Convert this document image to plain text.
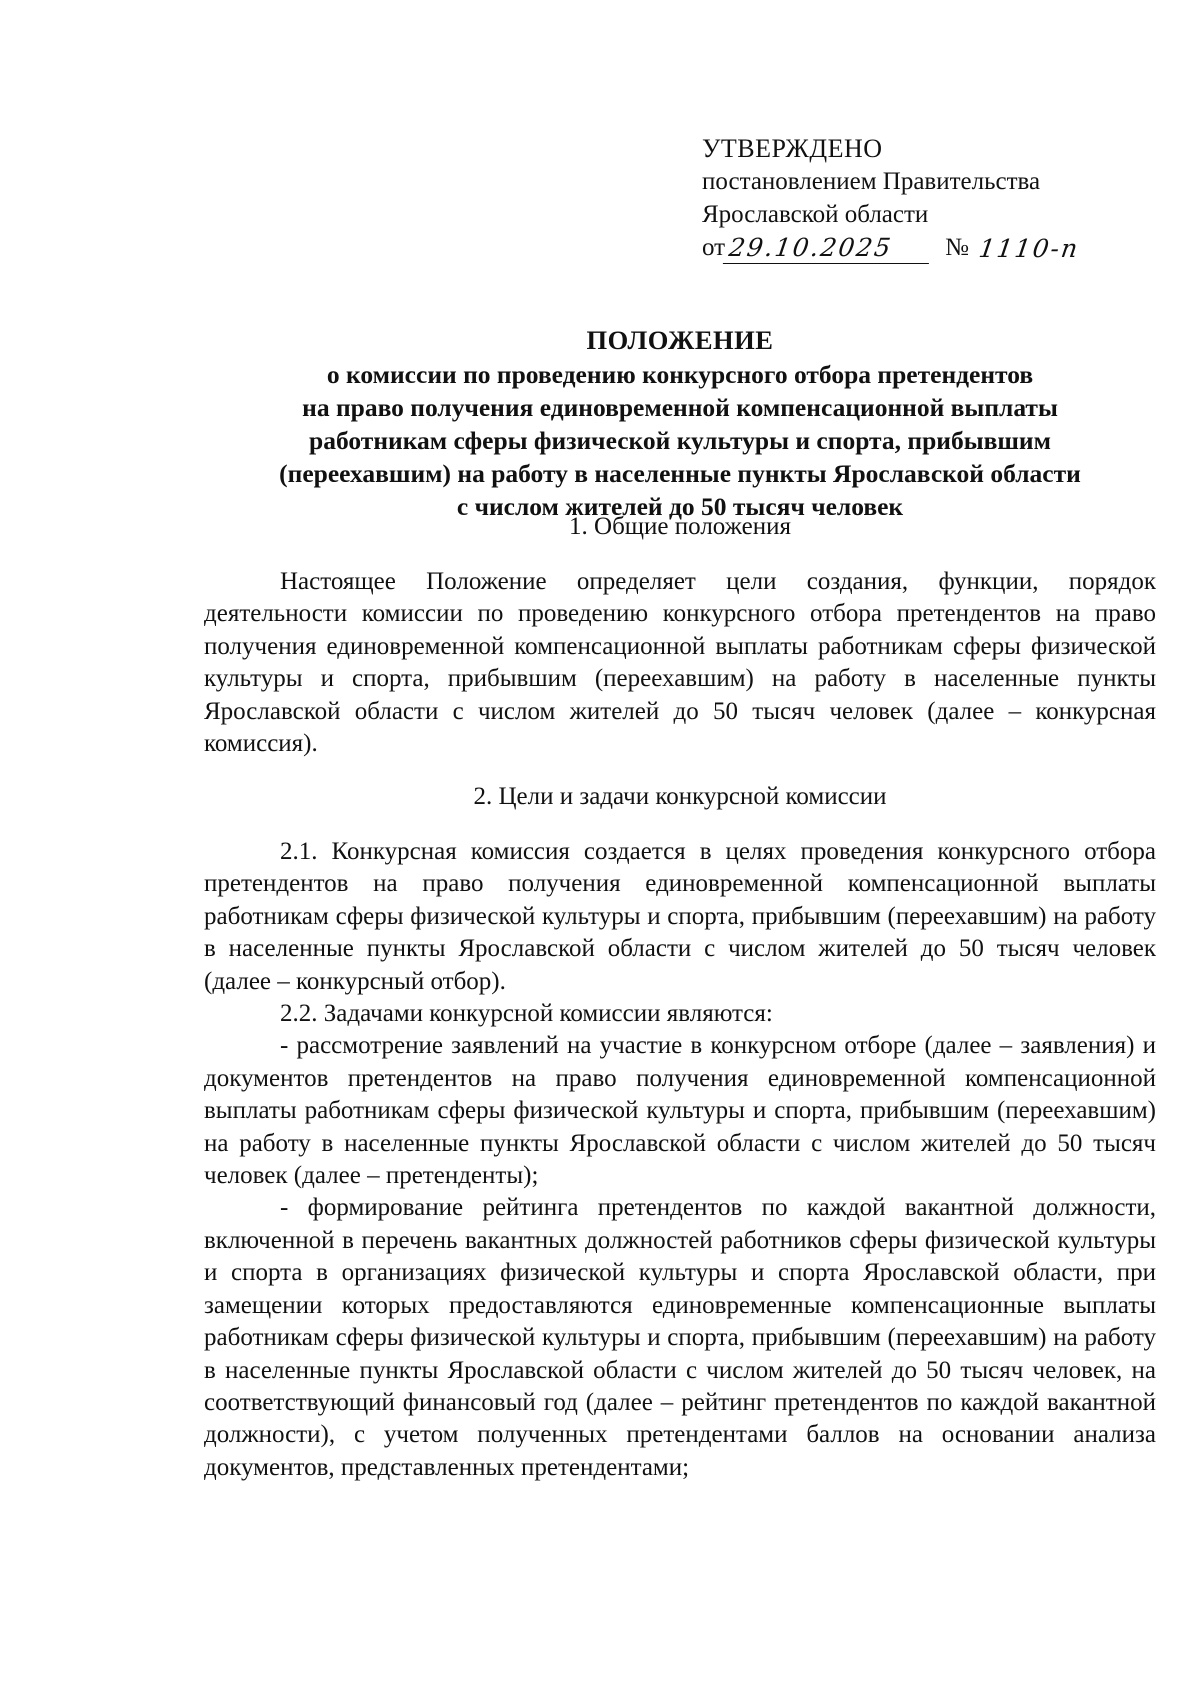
УТВЕРЖДЕНО
постановлением Правительства
Ярославской области
от 29.10.2025	№ 1110-п
ПОЛОЖЕНИЕ
о комиссии по проведению конкурсного отбора претендентов
на право получения единовременной компенсационной выплаты
работникам сферы физической культуры и спорта, прибывшим
(переехавшим) на работу в населенные пункты Ярославской области
с числом жителей до 50 тысяч человек
1. Общие положения

Настоящее Положение определяет цели создания, функции, порядок деятельности комиссии по проведению конкурсного отбора претендентов на право получения единовременной компенсационной выплаты работникам сферы физической культуры и спорта, прибывшим (переехавшим) на работу в населенные пункты Ярославской области с числом жителей до 50 тысяч человек (далее – конкурсная комиссия).

2. Цели и задачи конкурсной комиссии

2.1. Конкурсная комиссия создается в целях проведения конкурсного отбора претендентов на право получения единовременной компенсационной выплаты работникам сферы физической культуры и спорта, прибывшим (переехавшим) на работу в населенные пункты Ярославской области с числом жителей до 50 тысяч человек (далее – конкурсный отбор).

2.2. Задачами конкурсной комиссии являются:

- рассмотрение заявлений на участие в конкурсном отборе (далее – заявления) и документов претендентов на право получения единовременной компенсационной выплаты работникам сферы физической культуры и спорта, прибывшим (переехавшим) на работу в населенные пункты Ярославской области с числом жителей до 50 тысяч человек (далее – претенденты);

- формирование рейтинга претендентов по каждой вакантной должности, включенной в перечень вакантных должностей работников сферы физической культуры и спорта в организациях физической культуры и спорта Ярославской области, при замещении которых предоставляются единовременные компенсационные выплаты работникам сферы физической культуры и спорта, прибывшим (переехавшим) на работу в населенные пункты Ярославской области с числом жителей до 50 тысяч человек, на соответствующий финансовый год (далее – рейтинг претендентов по каждой вакантной должности), с учетом полученных претендентами баллов на основании анализа документов, представленных претендентами;
